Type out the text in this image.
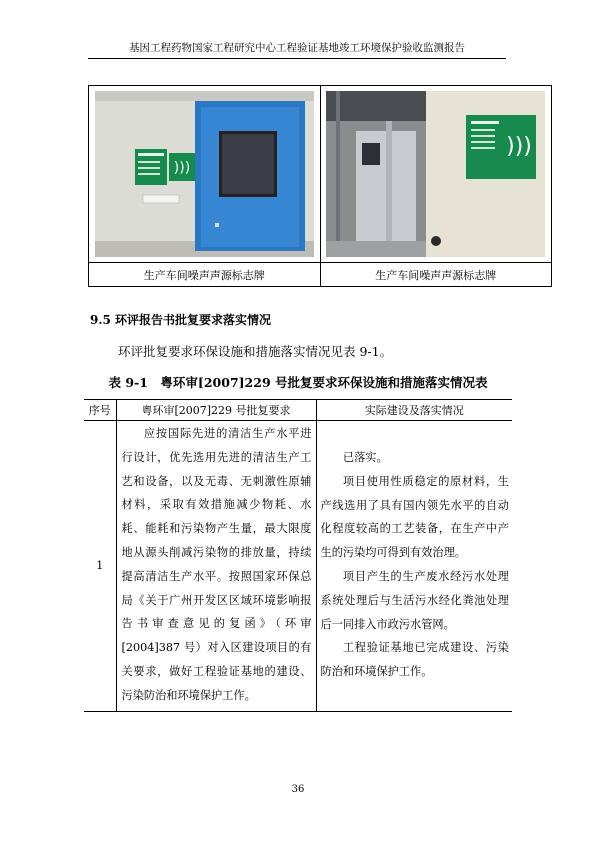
基因工程药物国家工程研究中心工程验证基地竣工环境保护验收监测报告
)))	)))

生产车间噪声声源标志牌	生产车间噪声声源标志牌
9.5 环评报告书批复要求落实情况
环评批复要求环保设施和措施落实情况见表 9-1。
表 9-1　粤环审[2007]229 号批复要求环保设施和措施落实情况表
序号	粤环审[2007]229 号批复要求	实际建设及落实情况
1	应按国际先进的清洁生产水平进行设计，优先选用先进的清洁生产工艺和设备，以及无毒、无刺激性原辅材料，采取有效措施减少物耗、水耗、能耗和污染物产生量，最大限度地从源头削减污染物的排放量，持续提高清洁生产水平。按照国家环保总局《关于广州开发区区域环境影响报告书审查意见的复函》（环审[2004]387 号）对入区建设项目的有关要求，做好工程验证基地的建设、污染防治和环境保护工作。	已落实。

项目使用性质稳定的原材料，生产线选用了具有国内领先水平的自动化程度较高的工艺装备，在生产中产生的污染均可得到有效治理。

项目产生的生产废水经污水处理系统处理后与生活污水经化粪池处理后一同排入市政污水管网。

工程验证基地已完成建设、污染防治和环境保护工作。

36
